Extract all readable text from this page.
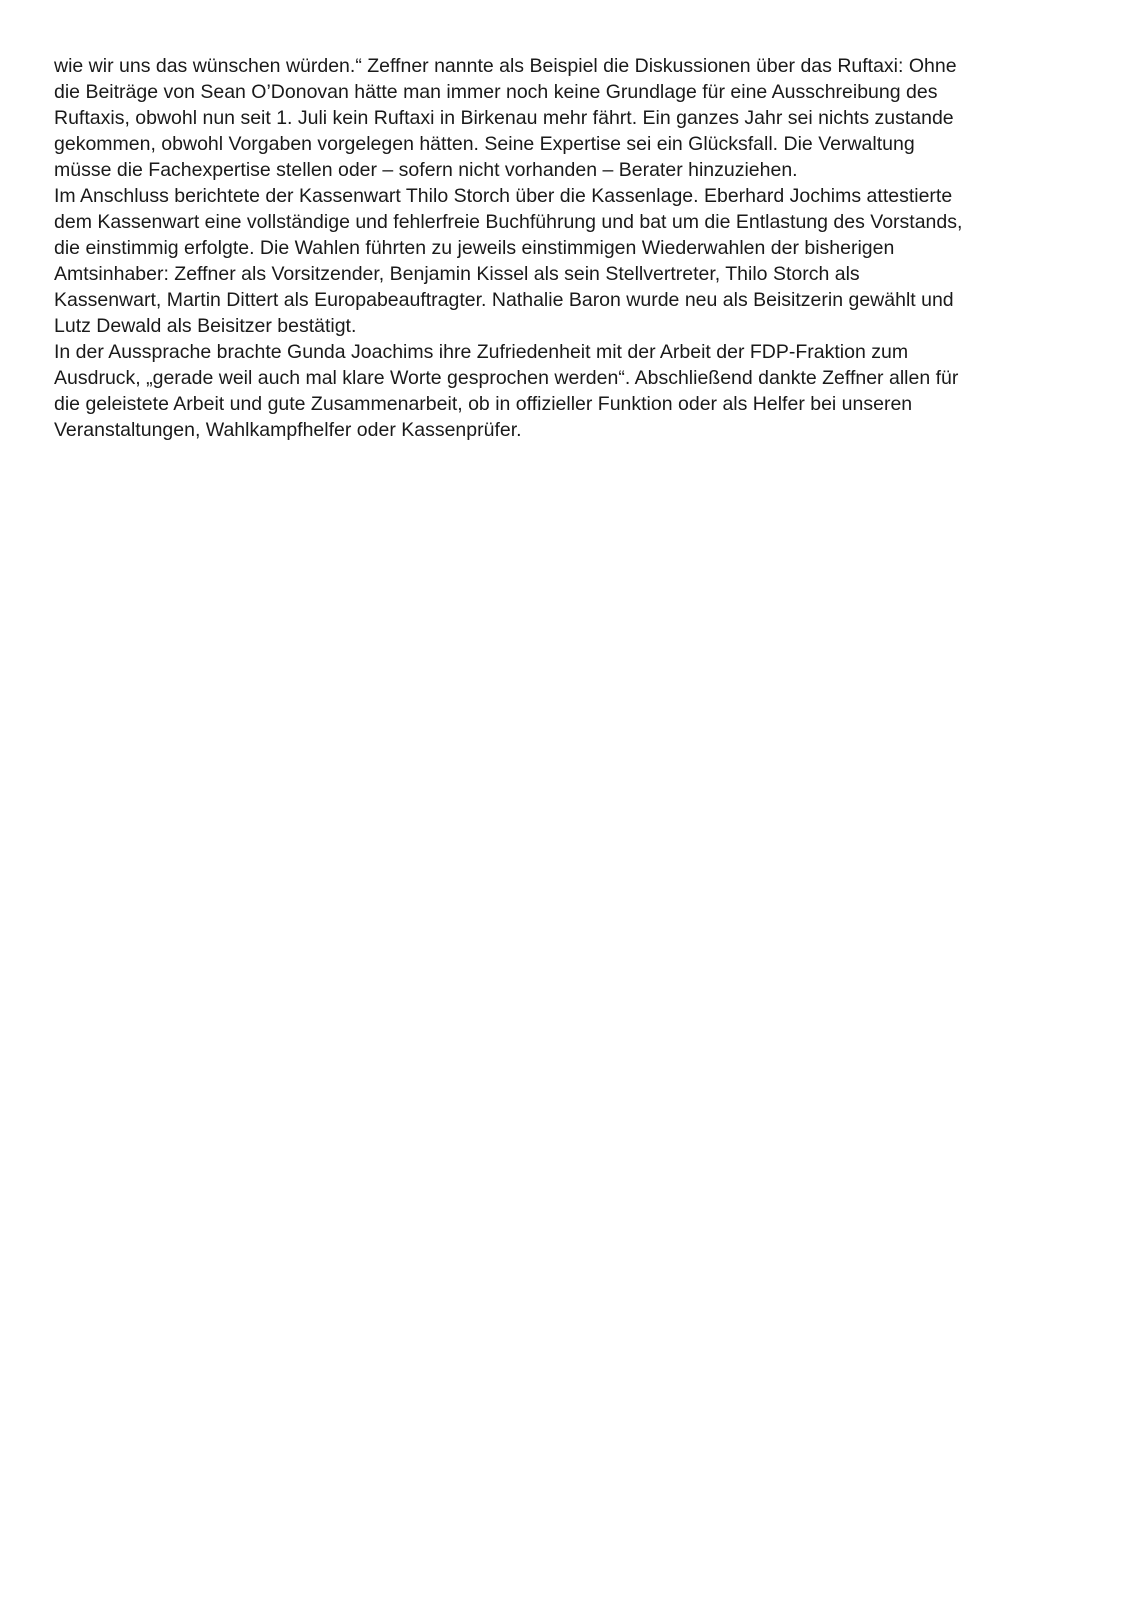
wie wir uns das wünschen würden.“ Zeffner nannte als Beispiel die Diskussionen über das Ruftaxi: Ohne
die Beiträge von Sean O’Donovan hätte man immer noch keine Grundlage für eine Ausschreibung des
Ruftaxis, obwohl nun seit 1. Juli kein Ruftaxi in Birkenau mehr fährt. Ein ganzes Jahr sei nichts zustande
gekommen, obwohl Vorgaben vorgelegen hätten. Seine Expertise sei ein Glücksfall. Die Verwaltung
müsse die Fachexpertise stellen oder – sofern nicht vorhanden – Berater hinzuziehen.
Im Anschluss berichtete der Kassenwart Thilo Storch über die Kassenlage. Eberhard Jochims attestierte
dem Kassenwart eine vollständige und fehlerfreie Buchführung und bat um die Entlastung des Vorstands,
die einstimmig erfolgte. Die Wahlen führten zu jeweils einstimmigen Wiederwahlen der bisherigen
Amtsinhaber: Zeffner als Vorsitzender, Benjamin Kissel als sein Stellvertreter, Thilo Storch als
Kassenwart, Martin Dittert als Europabeauftragter. Nathalie Baron wurde neu als Beisitzerin gewählt und
Lutz Dewald als Beisitzer bestätigt.
In der Aussprache brachte Gunda Joachims ihre Zufriedenheit mit der Arbeit der FDP-Fraktion zum
Ausdruck, „gerade weil auch mal klare Worte gesprochen werden“. Abschließend dankte Zeffner allen für
die geleistete Arbeit und gute Zusammenarbeit, ob in offizieller Funktion oder als Helfer bei unseren
Veranstaltungen, Wahlkampfhelfer oder Kassenprüfer.
